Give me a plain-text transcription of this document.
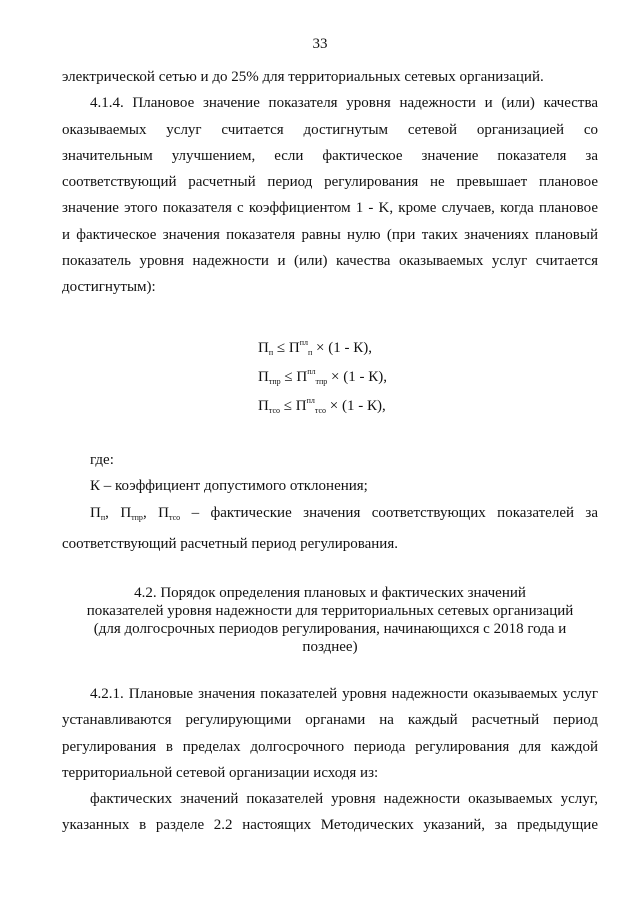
33
электрической сетью и до 25% для территориальных сетевых организаций.
4.1.4. Плановое значение показателя уровня надежности и (или) качества
оказываемых услуг считается достигнутым сетевой организацией со
значительным улучшением, если фактическое значение показателя за
соответствующий расчетный период регулирования не превышает плановое
значение этого показателя с коэффициентом 1 - K, кроме случаев, когда плановое
и фактическое значения показателя равны нулю (при таких значениях плановый
показатель уровня надежности и (или) качества оказываемых услуг считается
достигнутым):
$П_п \le П^{пл}_п \times (1 - К)$,
$П_{тпр} \le П^{пл}_{тпр} \times (1 - К)$,
$П_{тсо} \le П^{пл}_{тсо} \times (1 - К)$,
где:
К – коэффициент допустимого отклонения;
$П_п$, $П_{тпр}$, $П_{тсо}$ – фактические значения соответствующих показателей за
соответствующий расчетный период регулирования.
4.2. Порядок определения плановых и фактических значений
показателей уровня надежности для территориальных сетевых организаций
(для долгосрочных периодов регулирования, начинающихся с 2018 года и
позднее)
4.2.1. Плановые значения показателей уровня надежности оказываемых услуг
устанавливаются регулирующими органами на каждый расчетный период
регулирования в пределах долгосрочного периода регулирования для каждой
территориальной сетевой организации исходя из:
фактических значений показателей уровня надежности оказываемых услуг,
указанных в разделе 2.2 настоящих Методических указаний, за предыдущие
